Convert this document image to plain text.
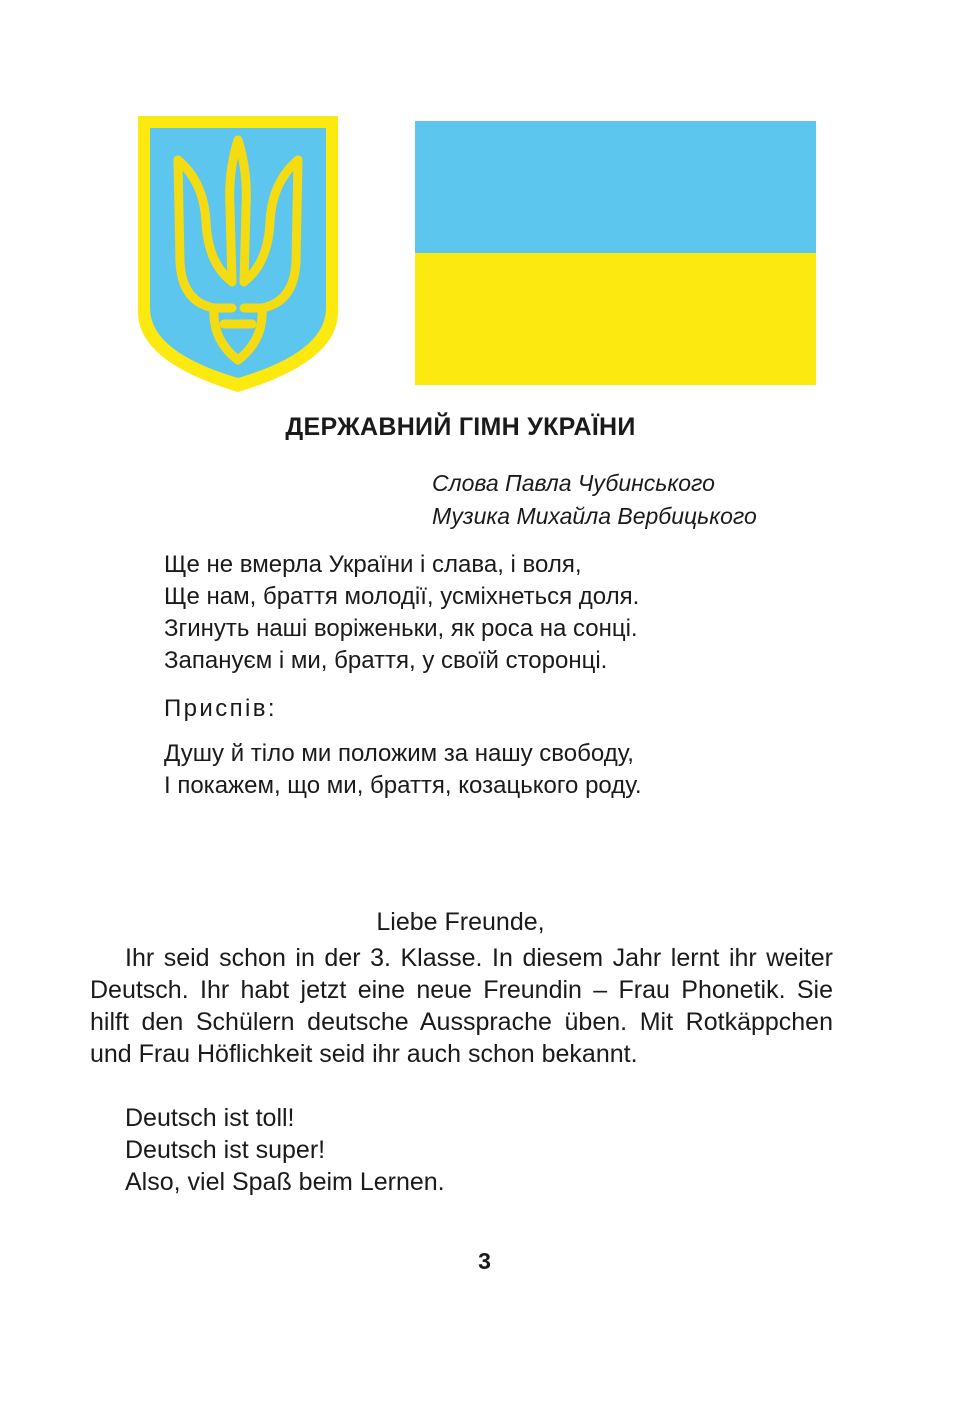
ДЕРЖАВНИЙ ГІМН УКРАЇНИ
Слова Павла Чубинського
Музика Михайла Вербицького
Ще не вмерла України і слава, і воля,
Ще нам, браття молодії, усміхнеться доля.
Згинуть наші воріженьки, як роса на сонці.
Запануєм і ми, браття, у своїй сторонці.
Приспів:
Душу й тіло ми положим за нашу свободу,
І покажем, що ми, браття, козацького роду.
Liebe Freunde,
Ihr seid schon in der 3. Klasse. In diesem Jahr lernt ihr weiter Deutsch. Ihr habt jetzt eine neue Freundin – Frau Phonetik. Sie hilft den Schülern deutsche Aussprache üben. Mit Rotkäppchen und Frau Höflichkeit seid ihr auch schon bekannt.
Deutsch ist toll!
Deutsch ist super!
Also, viel Spaß beim Lernen.
3
